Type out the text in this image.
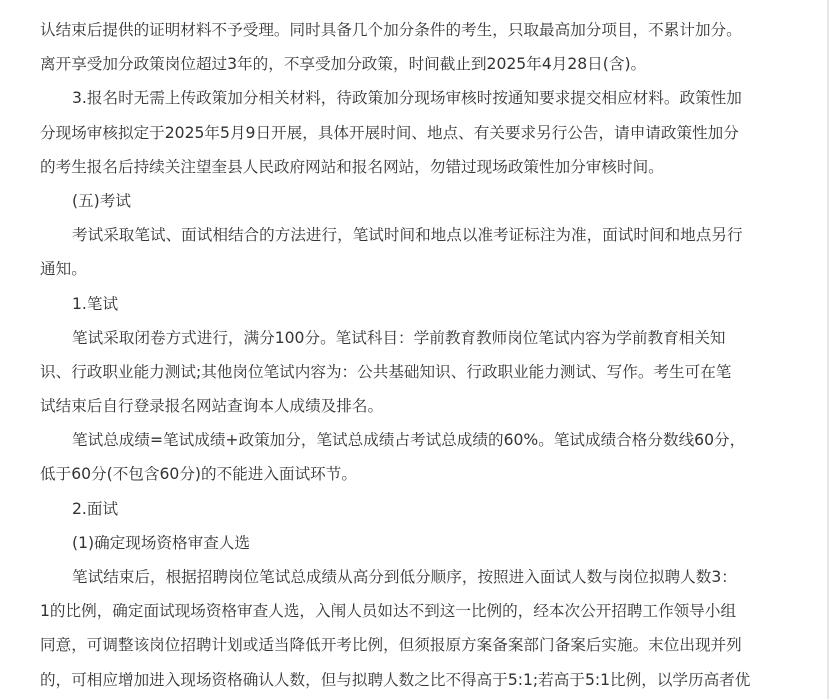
认结束后提供的证明材料不予受理。同时具备几个加分条件的考生，只取最高加分项目，不累计加分。
离开享受加分政策岗位超过3年的，不享受加分政策，时间截止到2025年4月28日(含)。
3.报名时无需上传政策加分相关材料，待政策加分现场审核时按通知要求提交相应材料。政策性加
分现场审核拟定于2025年5月9日开展，具体开展时间、地点、有关要求另行公告，请申请政策性加分
的考生报名后持续关注望奎县人民政府网站和报名网站，勿错过现场政策性加分审核时间。
(五)考试
考试采取笔试、面试相结合的方法进行，笔试时间和地点以准考证标注为准，面试时间和地点另行
通知。
1.笔试
笔试采取闭卷方式进行，满分100分。笔试科目：学前教育教师岗位笔试内容为学前教育相关知
识、行政职业能力测试;其他岗位笔试内容为：公共基础知识、行政职业能力测试、写作。考生可在笔
试结束后自行登录报名网站查询本人成绩及排名。
笔试总成绩=笔试成绩+政策加分，笔试总成绩占考试总成绩的60%。笔试成绩合格分数线60分，
低于60分(不包含60分)的不能进入面试环节。
2.面试
(1)确定现场资格审查人选
笔试结束后，根据招聘岗位笔试总成绩从高分到低分顺序，按照进入面试人数与岗位拟聘人数3：
1的比例，确定面试现场资格审查人选，入闱人员如达不到这一比例的，经本次公开招聘工作领导小组
同意，可调整该岗位招聘计划或适当降低开考比例，但须报原方案备案部门备案后实施。末位出现并列
的，可相应增加进入现场资格确认人数，但与拟聘人数之比不得高于5:1;若高于5:1比例，以学历高者优
